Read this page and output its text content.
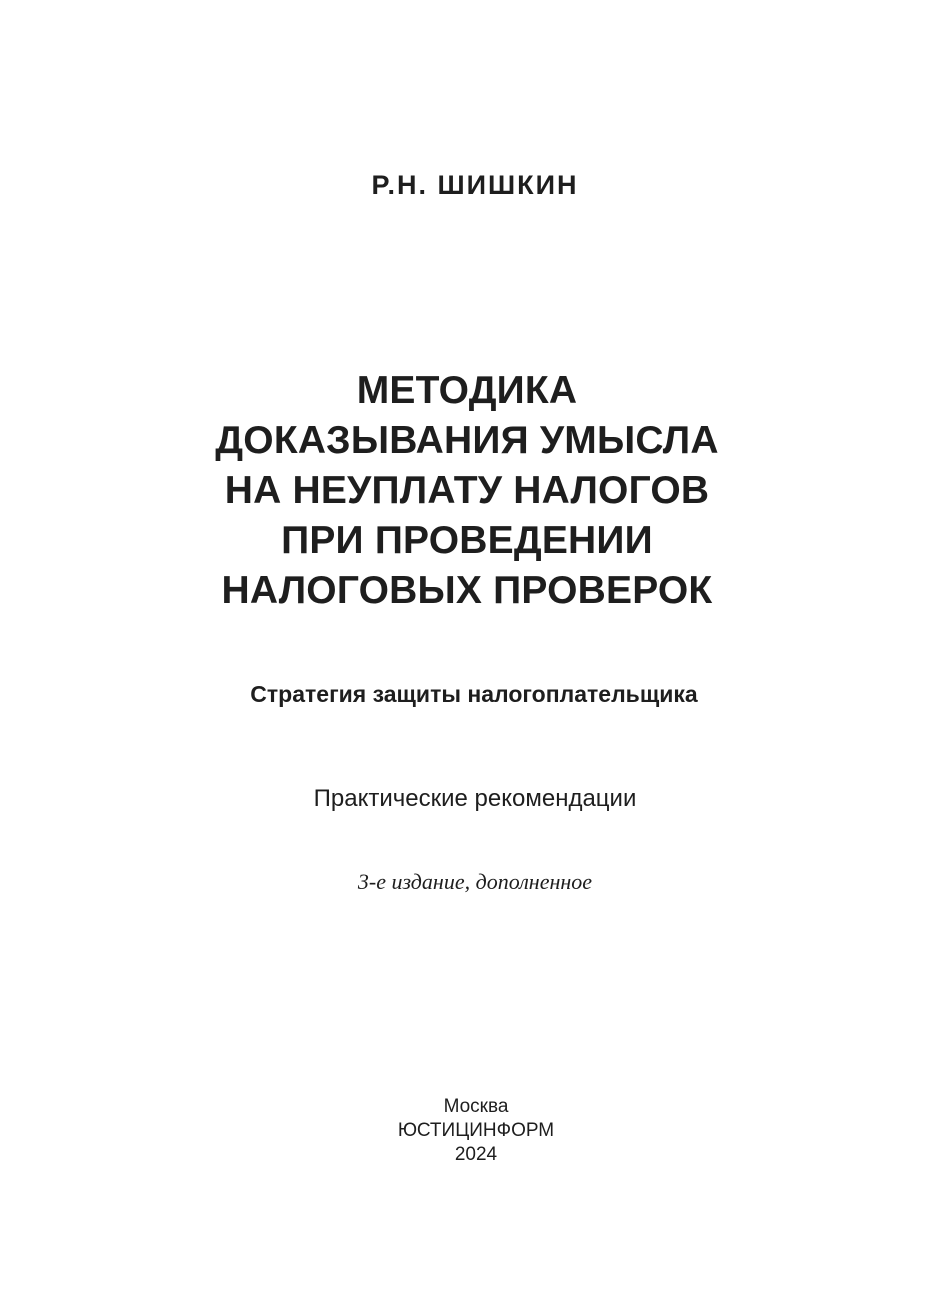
Р.Н. ШИШКИН
МЕТОДИКА
ДОКАЗЫВАНИЯ УМЫСЛА
НА НЕУПЛАТУ НАЛОГОВ
ПРИ ПРОВЕДЕНИИ
НАЛОГОВЫХ ПРОВЕРОК
Стратегия защиты налогоплательщика
Практические рекомендации
3-е издание, дополненное
Москва
ЮСТИЦИНФОРМ
2024
